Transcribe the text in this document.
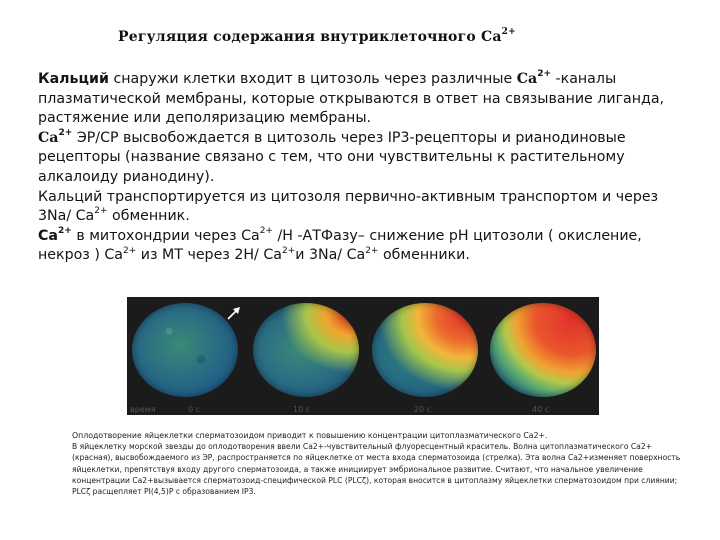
Регуляция содержания внутриклеточного $Са^{2+}$

Кальций снаружи клетки входит в цитозоль через различные $Ca^{2+}$ -каналы плазматической мембраны, которые открываются в ответ на связывание лиганда, растяжение или деполяризацию мембраны.

$Ca^{2+}$ ЭР/СР высвобождается в цитозоль через IP3-рецепторы и рианодиновые рецепторы (название связано с тем, что они чувствительны к растительному алкалоиду рианодину).

Кальций транспортируется из цитозоля первично-активным транспортом и через 3Na/ $Ca^{2+}$ обменник.

$Ca^{2+}$ в митохондрии через $Ca^{2+}$ /H -АТФазу– снижение pH цитозоли ( окисление, некроз ) $Ca^{2+}$ из МТ через 2H/ $Ca^{2+}и$ 3Na/ $Ca^{2+}$ обменники.

время	0 с	10 с	20 с	40 с

Оплодотворение яйцеклетки сперматозоидом приводит к повышению концентрации цитоплазматического Ca2+.

В яйцеклетку морской звезды до оплодотворения ввели Ca2+-чувствительный флуоресцентный краситель. Волна цитоплазматического Ca2+(красная), высвобождаемого из ЭР, распространяется по яйцеклетке от места входа сперматозоида (стрелка). Эта волна Ca2+изменяет поверхность яйцеклетки, препятствуя входу другого сперматозоида, а также инициирует эмбриональное развитие. Считают, что начальное увеличение концентрации Ca2+вызывается сперматозоид-специфической PLC (PLCζ), которая вносится в цитоплазму яйцеклетки сперматозоидом при слиянии; PLCζ расщепляет PI(4,5)P с образованием IP3.
